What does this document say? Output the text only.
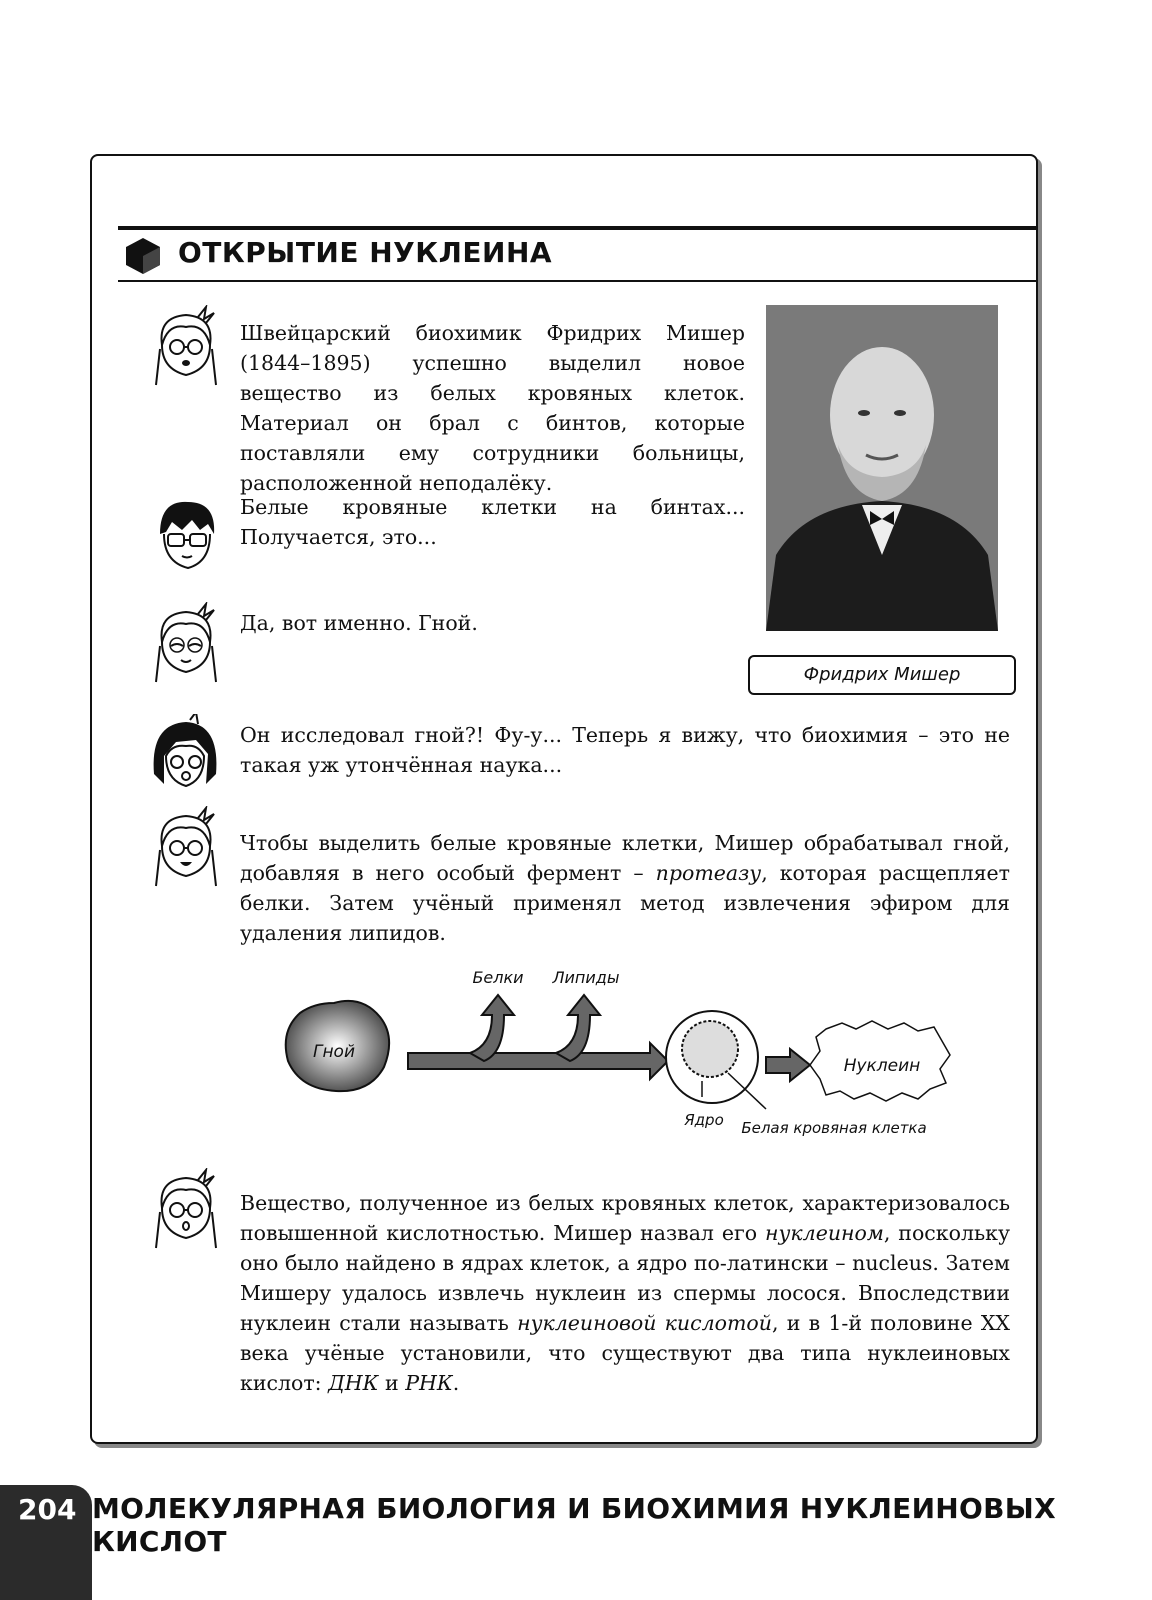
ОТКРЫТИЕ НУКЛЕИНА
Швейцарский биохимик Фридрих Мишер (1844–1895) успешно выделил новое вещество из белых кровяных клеток. Материал он брал с бинтов, которые поставляли ему сотрудники больницы, расположенной неподалёку.
Белые кровяные клетки на бинтах... Получается, это...
Да, вот именно. Гной.
Он исследовал гной?! Фу-у... Теперь я вижу, что биохимия – это не такая уж утончённая наука...
Чтобы выделить белые кровяные клетки, Мишер обрабатывал гной, добавляя в него особый фермент – протеазу, которая расщепляет белки. Затем учёный применял метод извлечения эфиром для удаления липидов.
Вещество, полученное из белых кровяных клеток, характеризовалось повышенной кислотностью. Мишер назвал его нуклеином, поскольку оно было найдено в ядрах клеток, а ядро по-латински – nucleus. Затем Мишеру удалось извлечь нуклеин из спермы лосося. Впоследствии нуклеин стали называть нуклеиновой кислотой, и в 1-й половине XX века учёные установили, что существуют два типа нуклеиновых кислот: ДНК и РНК.
Фридрих Мишер
Гной
Белки Липиды
Ядро Белая кровяная клетка
Нуклеин
204 МОЛЕКУЛЯРНАЯ БИОЛОГИЯ И БИОХИМИЯ НУКЛЕИНОВЫХ КИСЛОТ
